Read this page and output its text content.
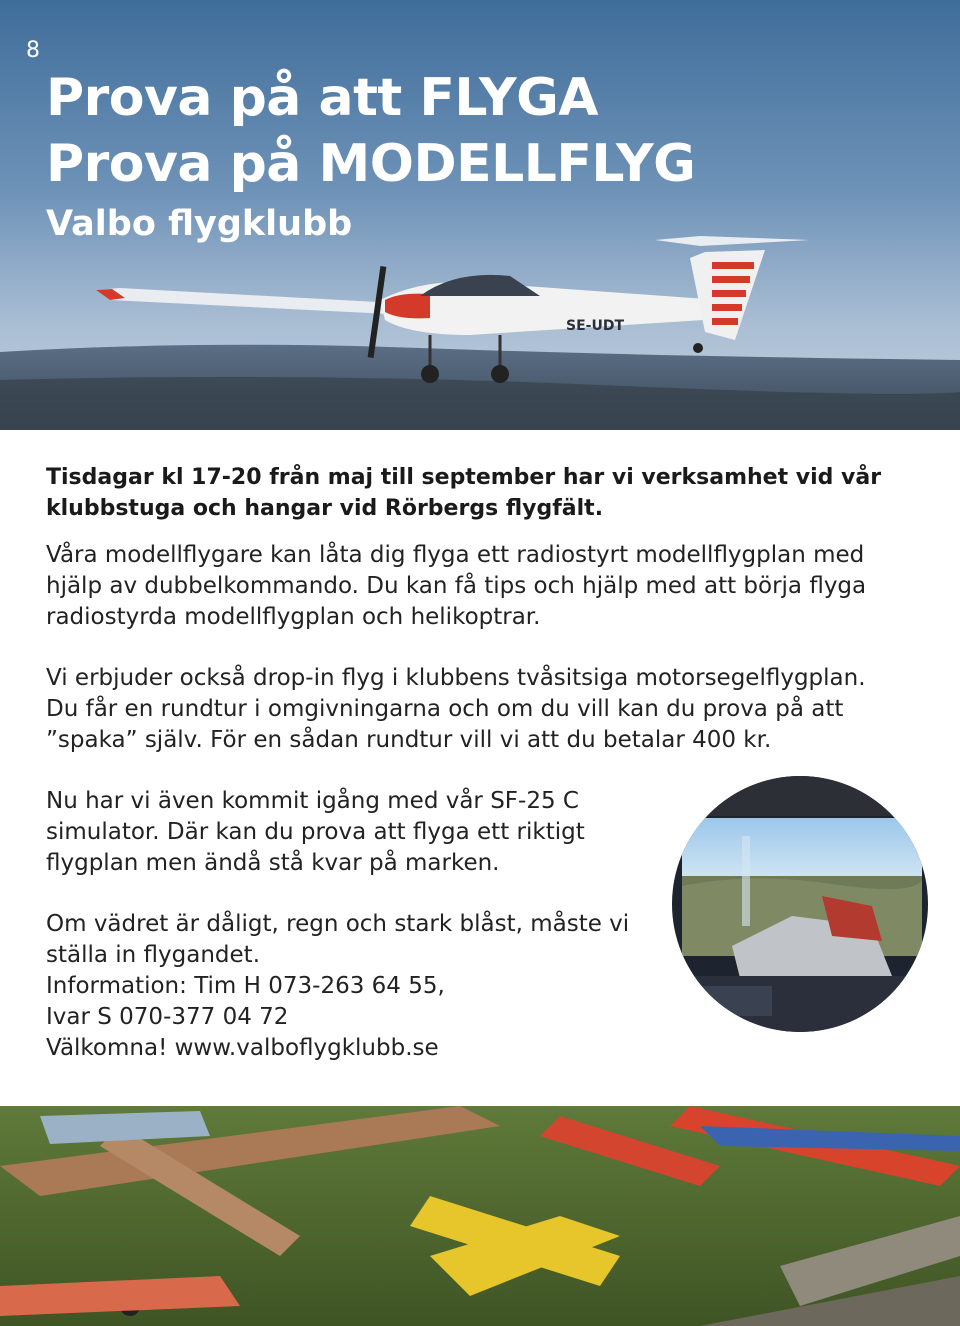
SE-UDT
8
Prova på att FLYGA
Prova på MODELLFLYG
Valbo flygklubb

Tisdagar kl 17-20 från maj till september har vi verksamhet vid vår
klubbstuga och hangar vid Rörbergs flygfält.

Våra modellflygare kan låta dig flyga ett radiostyrt modellflygplan med
hjälp av dubbelkommando. Du kan få tips och hjälp med att börja flyga
radiostyrda modellflygplan och helikoptrar.

Vi erbjuder också drop-in flyg i klubbens tvåsitsiga motorsegelflygplan.
Du får en rundtur i omgivningarna och om du vill kan du prova på att
”spaka” själv. För en sådan rundtur vill vi att du betalar 400 kr.

Nu har vi även kommit igång med vår SF-25 C
simulator. Där kan du prova att flyga ett riktigt
flygplan men ändå stå kvar på marken.

Om vädret är dåligt, regn och stark blåst, måste vi
ställa in flygandet.
Information: Tim H 073-263 64 55,
Ivar S 070-377 04 72
Välkomna! www.valboflygklubb.se
